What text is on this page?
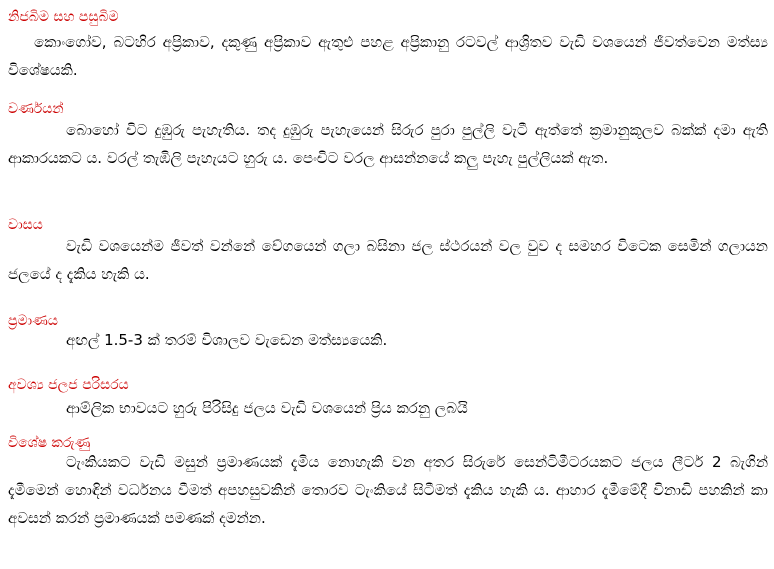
නිජබිම සහ පසුබිම
කොංගෝව, බටහිර අප්‍රිකාව, දකුණු අප්‍රිකාව ඇතුළු පහළ අප්‍රිකානු රටවල් ආශ්‍රිතව වැඩි වශයෙන් ජීවත්වෙන මත්ස්‍ය විශේෂයකි.
වර්ණයන්
බොහෝ විට දුඹුරු පැහැතිය. තද දුඹුරු පැහැයෙන් සිරුර පුරා පුල්ලි වැටී ඇත්තේ ක්‍රමානුකූලව බක්ක් දමා ඇති ආකාරයකට ය. වරල් තැඹිලි පැහැයට හුරු ය. පෙංචිට වරල ආසන්නයේ කලු පැහැ පුල්ලියක් ඇත.
වාසය
වැඩි වශයෙන්ම ජීවත් වන්නේ වේගයෙන් ගලා බසිනා ජල ස්ථරයන් වල වුව ද සමහර විටෙක සෙමින් ගලායන ජලයේ ද දැකිය හැකි ය.
ප්‍රමාණය
අඟල් 1.5-3 ක් තරම් විශාලව වැඩෙන මත්ස්‍යයෙකි.
අවශ්‍ය ජලජ පරිසරය
ආම්ලික භාවයට හුරු පිරිසිදු ජලය වැඩි වශයෙන් ප්‍රිය කරනු ලබයි
විශේෂ කරුණු
ටැංකියකට වැඩි මසුන් ප්‍රමාණයක් දැමිය නොහැකි වන අතර සිරුරේ සෙන්ටිමීටරයකට ජලය ලීටර් 2 බැගින් දැමීමෙන් හොඳින් වර්ධනය වීමත් අපහසුවකින් තොරව ටැංකියේ සිටීමත් දැකිය හැකි ය. ආහාර දැමීමේදී විනාඩි පහකින් කා අවසන් කරන් ප්‍රමාණයක් පමණක් දමන්න.
